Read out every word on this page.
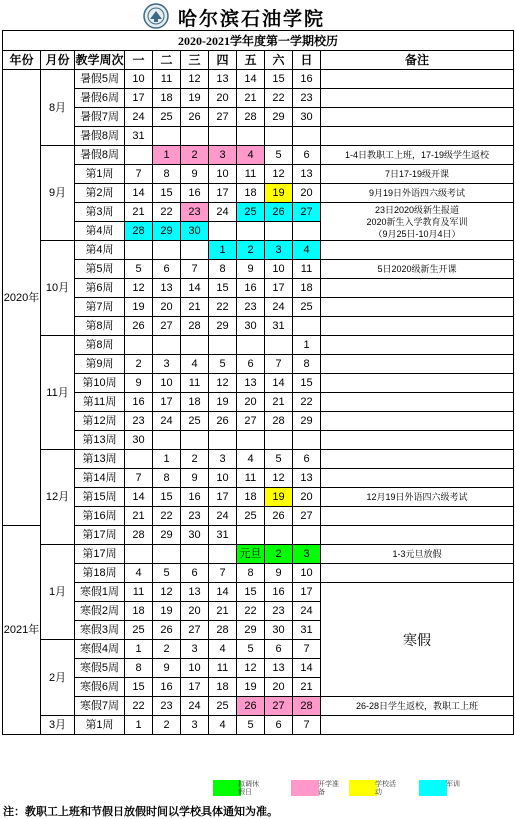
哈尔滨石油学院
2020-2021学年度第一学期校历										
年份	月份	教学周次	一	二	三	四	五	六	日	备注
2020年	8月	暑假5周	10	11	12	13	14	15	16	
		暑假6周	17	18	19	20	21	22	23	
		暑假7周	24	25	26	27	28	29	30	
		暑假8周	31							
	9月	暑假8周		1	2	3	4	5	6	1-4日教职工上班，17-19级学生返校
		第1周	7	8	9	10	11	12	13	7日17-19级开课
		第2周	14	15	16	17	18	19	20	9月19日外语四六级考试
		第3周	21	22	23	24	25	26	27	23日2020级新生报道
2020新生入学教育及军训
（9月25日-10月4日）
		第4周	28	29	30					
	10月	第4周				1	2	3	4	
		第5周	5	6	7	8	9	10	11	5日2020级新生开课
		第6周	12	13	14	15	16	17	18	
		第7周	19	20	21	22	23	24	25	
		第8周	26	27	28	29	30	31		
	11月	第8周							1	
		第9周	2	3	4	5	6	7	8	
		第10周	9	10	11	12	13	14	15	
		第11周	16	17	18	19	20	21	22	
		第12周	23	24	25	26	27	28	29	
		第13周	30							
	12月	第13周		1	2	3	4	5	6	
		第14周	7	8	9	10	11	12	13	
		第15周	14	15	16	17	18	19	20	12月19日外语四六级考试
		第16周	21	22	23	24	25	26	27	
2021年		第17周	28	29	30	31				
	1月	第17周					元旦	2	3	1-3元旦放假
		第18周	4	5	6	7	8	9	10	
		寒假1周	11	12	13	14	15	16	17	寒假
		寒假2周	18	19	20	21	22	23	24	
		寒假3周	25	26	27	28	29	30	31	
	2月	寒假4周	1	2	3	4	5	6	7	
		寒假5周	8	9	10	11	12	13	14	
		寒假6周	15	16	17	18	19	20	21	
		寒假7周	22	23	24	25	26	27	28	26-28日学生返校，教职工上班
	3月	第1周	1	2	3	4	5	6	7	
拟调休假日
开学准备
学校活动
军训
注：教职工上班和节假日放假时间以学校具体通知为准。
